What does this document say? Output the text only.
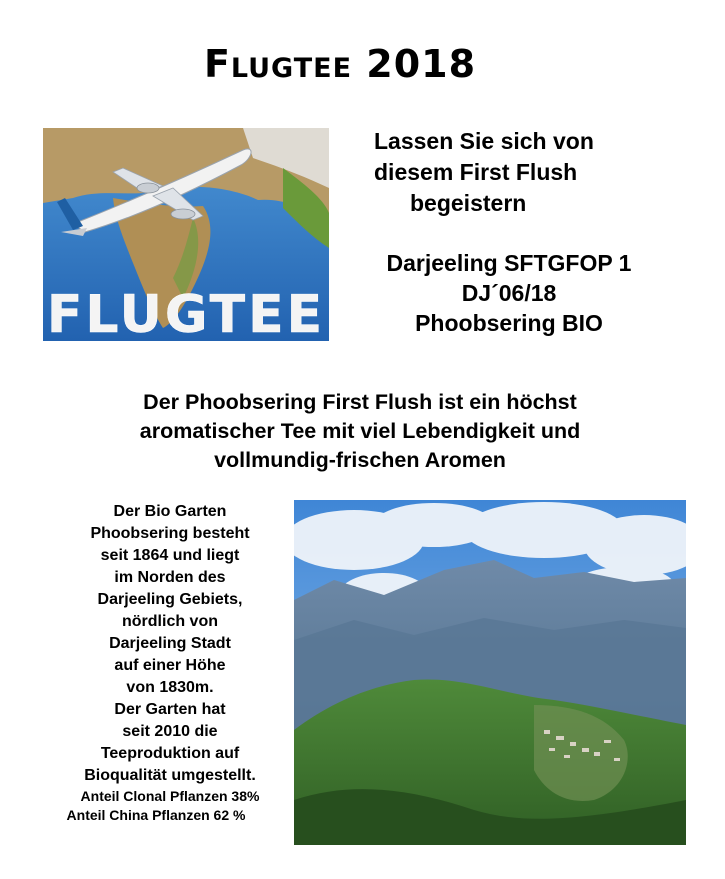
Flugtee 2018
FLUGTEE
Lassen Sie sich von
diesem First Flush
begeistern
Darjeeling SFTGFOP 1
DJ´06/18
Phoobsering BIO
Der Phoobsering First Flush ist ein höchst
aromatischer Tee mit viel Lebendigkeit und
vollmundig-frischen Aromen
Der Bio Garten
Phoobsering besteht
seit 1864 und liegt
im Norden des
Darjeeling Gebiets,
nördlich von
Darjeeling Stadt
auf einer Höhe
von 1830m.
Der Garten hat
seit 2010 die
Teeproduktion auf
Bioqualität umgestellt.
Anteil Clonal Pflanzen 38%
Anteil China Pflanzen 62 %
